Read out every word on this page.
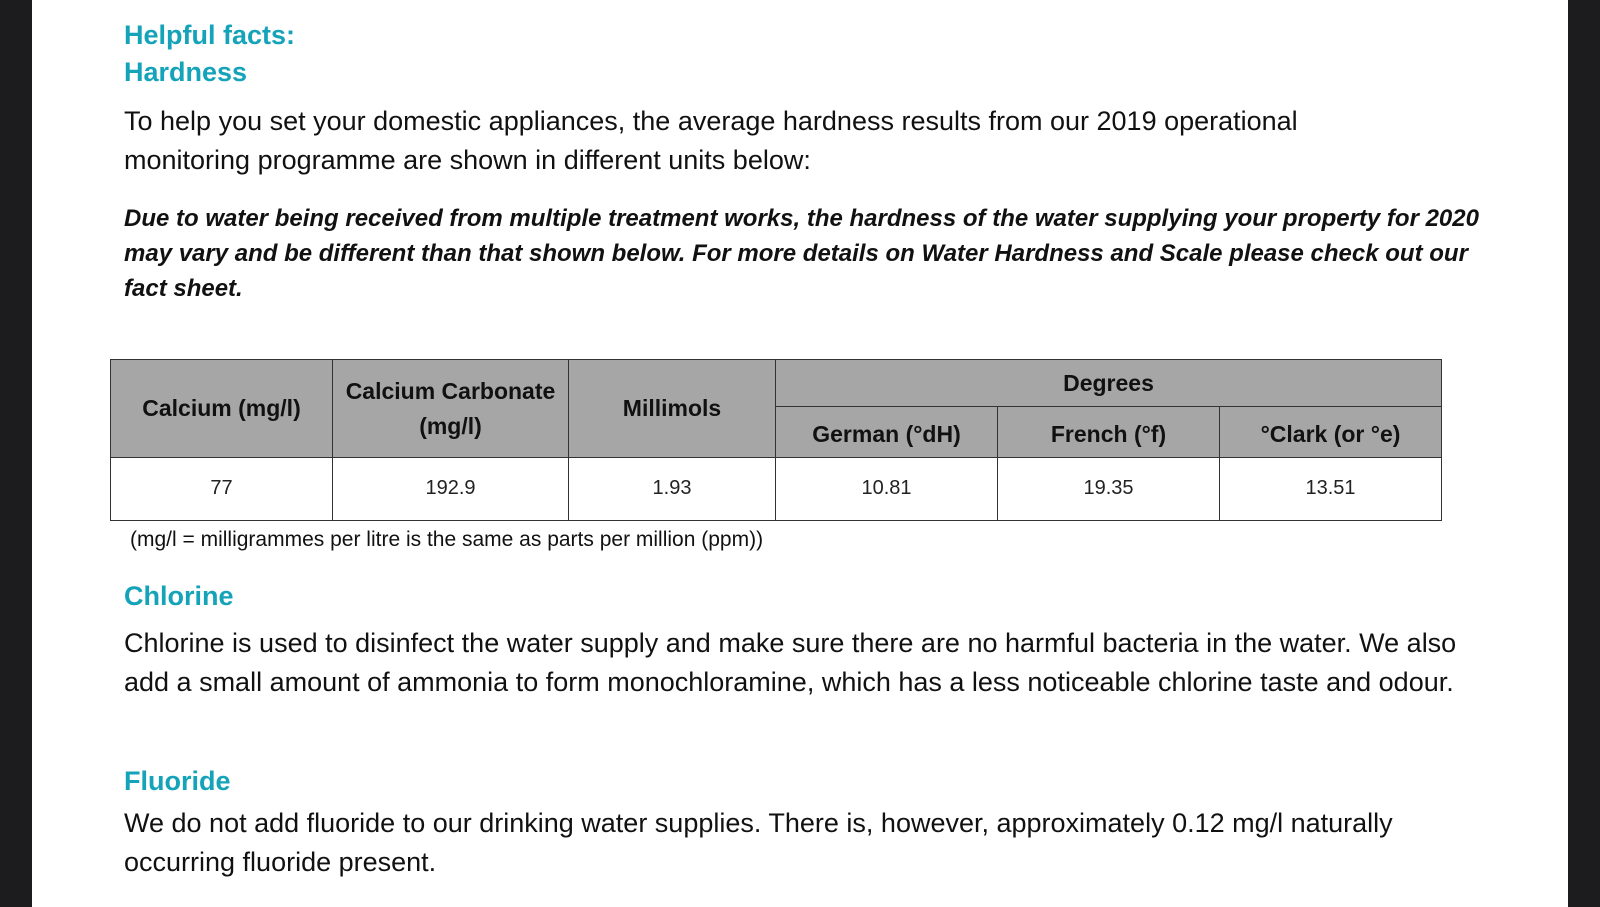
Helpful facts:
Hardness
To help you set your domestic appliances, the average hardness results from our 2019 operational monitoring programme are shown in different units below:
Due to water being received from multiple treatment works, the hardness of the water supplying your property for 2020 may vary and be different than that shown below. For more details on Water Hardness and Scale please check out our fact sheet.
Chlorine
Chlorine is used to disinfect the water supply and make sure there are no harmful bacteria in the water. We also add a small amount of ammonia to form monochloramine, which has a less noticeable chlorine taste and odour.
Fluoride
We do not add fluoride to our drinking water supplies. There is, however, approximately 0.12 mg/l naturally occurring fluoride present.
Calcium (mg/l)	Calcium Carbonate (mg/l)	Millimols	Degrees		
			German (°dH)	French (°f)	°Clark (or °e)
77	192.9	1.93	10.81	19.35	13.51
(mg/l = milligrammes per litre is the same as parts per million (ppm))
